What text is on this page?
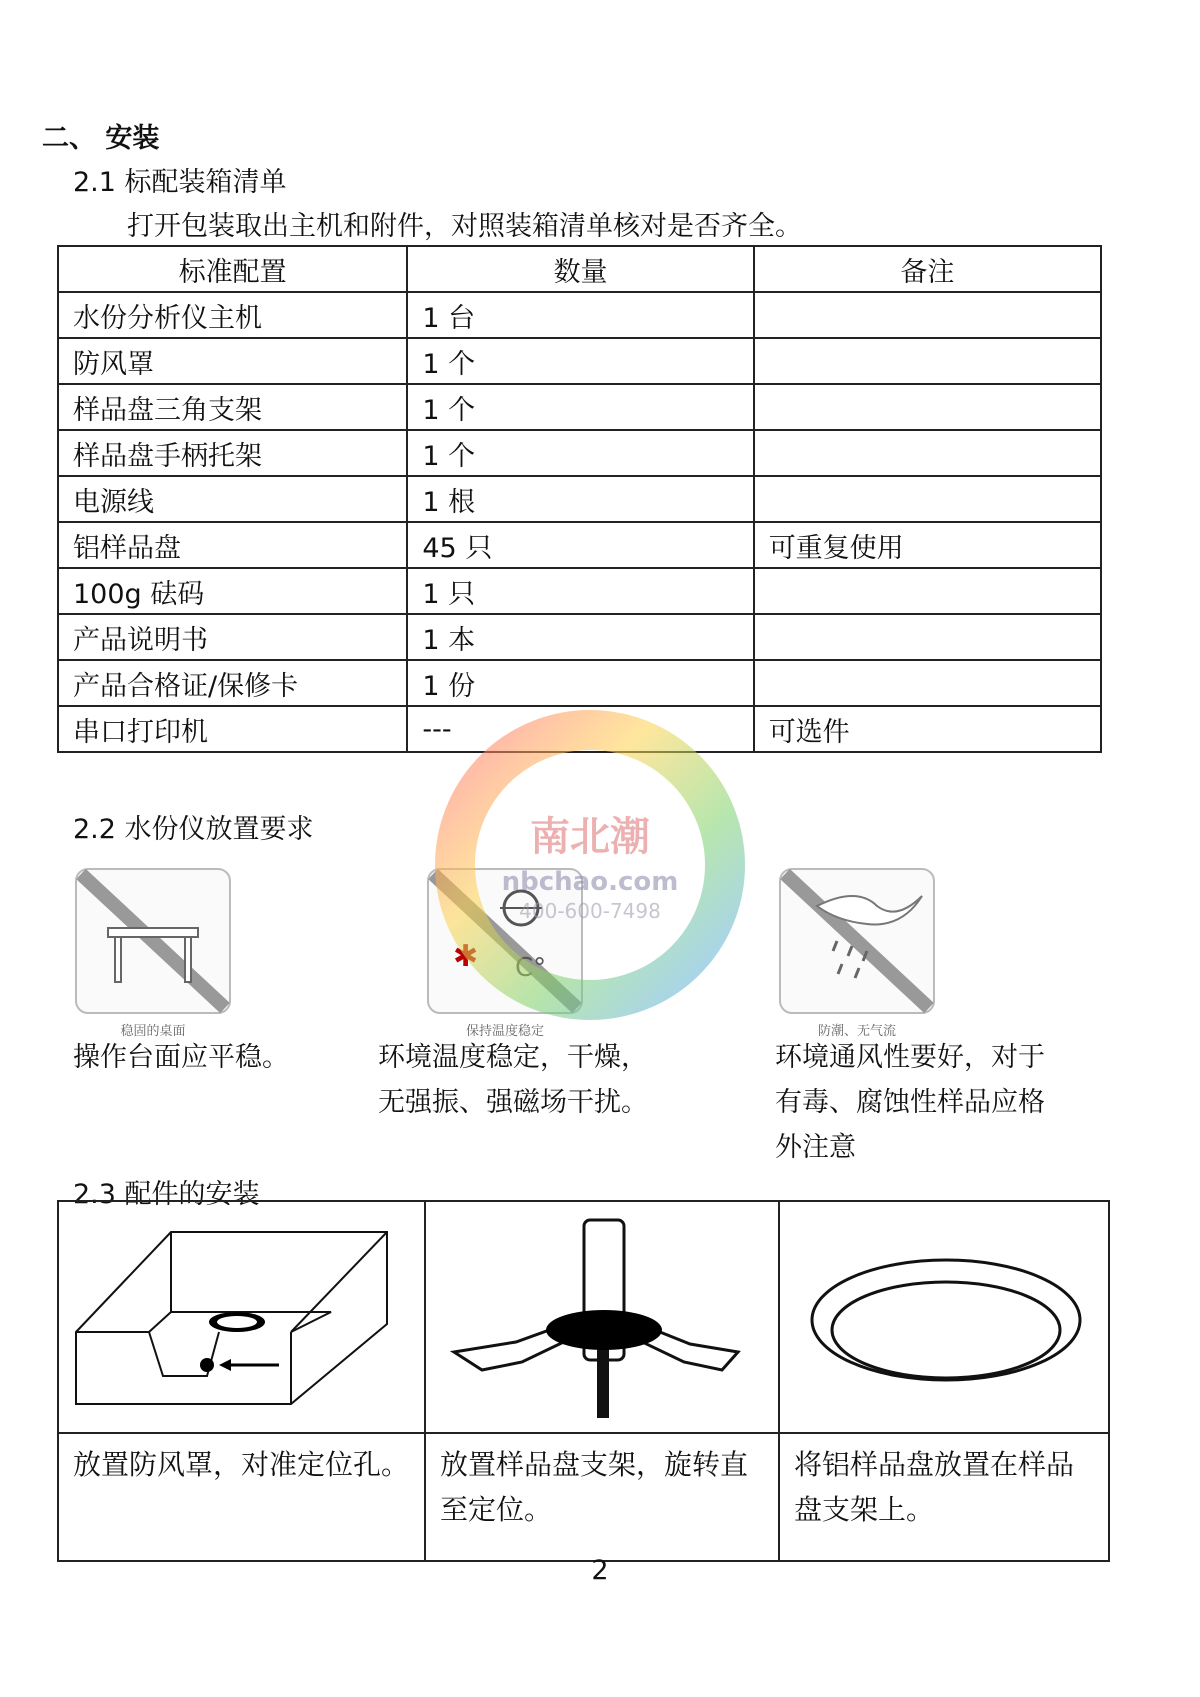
二、 安装
2.1 标配装箱清单
打开包装取出主机和附件，对照装箱清单核对是否齐全。
标准配置	数量	备注
水份分析仪主机	1 台	
防风罩	1 个	
样品盘三角支架	1 个	
样品盘手柄托架	1 个	
电源线	1 根	
铝样品盘	45 只	可重复使用
100g 砝码	1 只	
产品说明书	1 本	
产品合格证/保修卡	1 份	
串口打印机	---	可选件
2.2 水份仪放置要求
稳固的桌面
✱ C°
保持温度稳定	防潮、无气流
操作台面应平稳。	环境温度稳定，干燥，
无强振、强磁场干扰。
环境通风性要好，对于
有毒、腐蚀性样品应格
外注意
2.3 配件的安装

放置防风罩，对准定位孔。	放置样品盘支架，旋转直至定位。	将铝样品盘放置在样品盘支架上。
南北潮
nbchao.com
400-600-7498
2
